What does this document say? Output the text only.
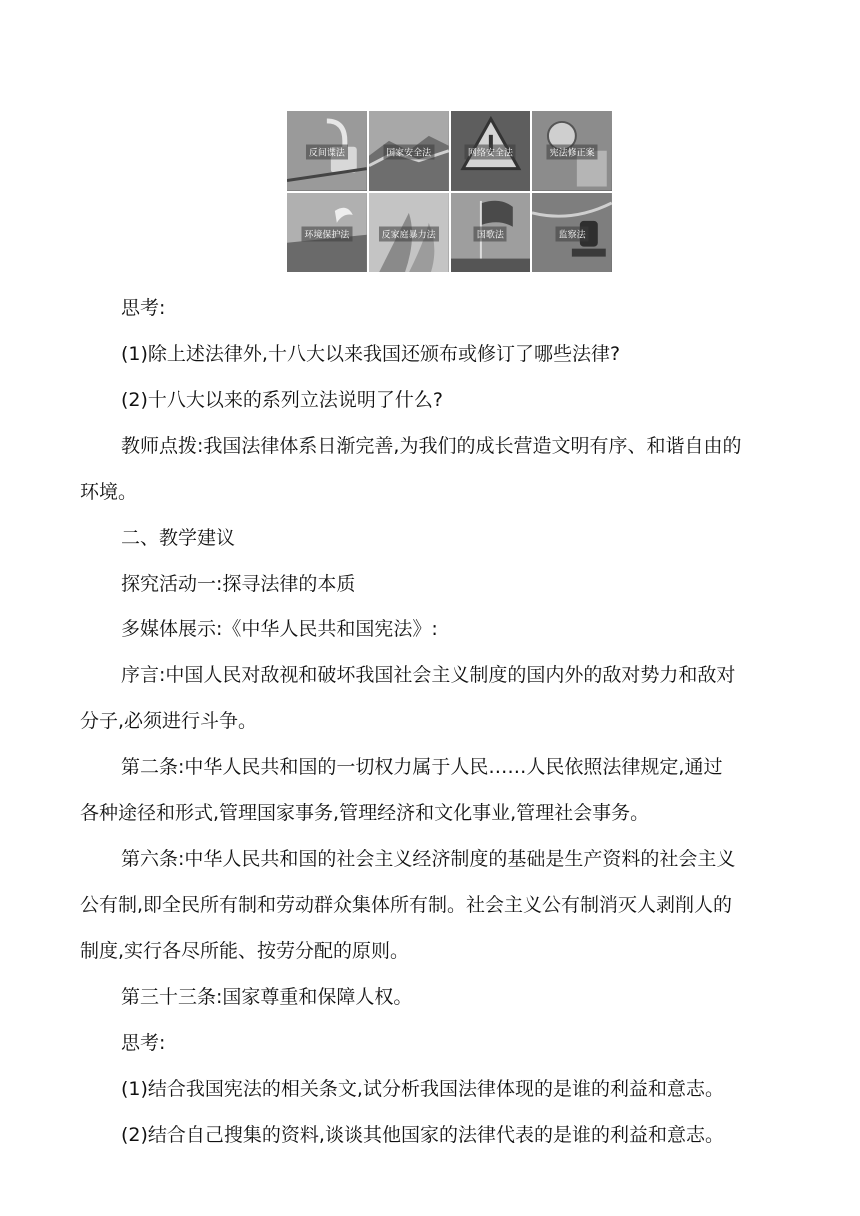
反间谍法	国家安全法	网络安全法	宪法修正案
环境保护法	反家庭暴力法	国歌法	监察法
思考:
(1)除上述法律外,十八大以来我国还颁布或修订了哪些法律?
(2)十八大以来的系列立法说明了什么?
教师点拨:我国法律体系日渐完善,为我们的成长营造文明有序、和谐自由的
环境。
二、教学建议
探究活动一:探寻法律的本质
多媒体展示:《中华人民共和国宪法》:
序言:中国人民对敌视和破坏我国社会主义制度的国内外的敌对势力和敌对
分子,必须进行斗争。
第二条:中华人民共和国的一切权力属于人民……人民依照法律规定,通过
各种途径和形式,管理国家事务,管理经济和文化事业,管理社会事务。
第六条:中华人民共和国的社会主义经济制度的基础是生产资料的社会主义
公有制,即全民所有制和劳动群众集体所有制。社会主义公有制消灭人剥削人的
制度,实行各尽所能、按劳分配的原则。
第三十三条:国家尊重和保障人权。
思考:
(1)结合我国宪法的相关条文,试分析我国法律体现的是谁的利益和意志。
(2)结合自己搜集的资料,谈谈其他国家的法律代表的是谁的利益和意志。
